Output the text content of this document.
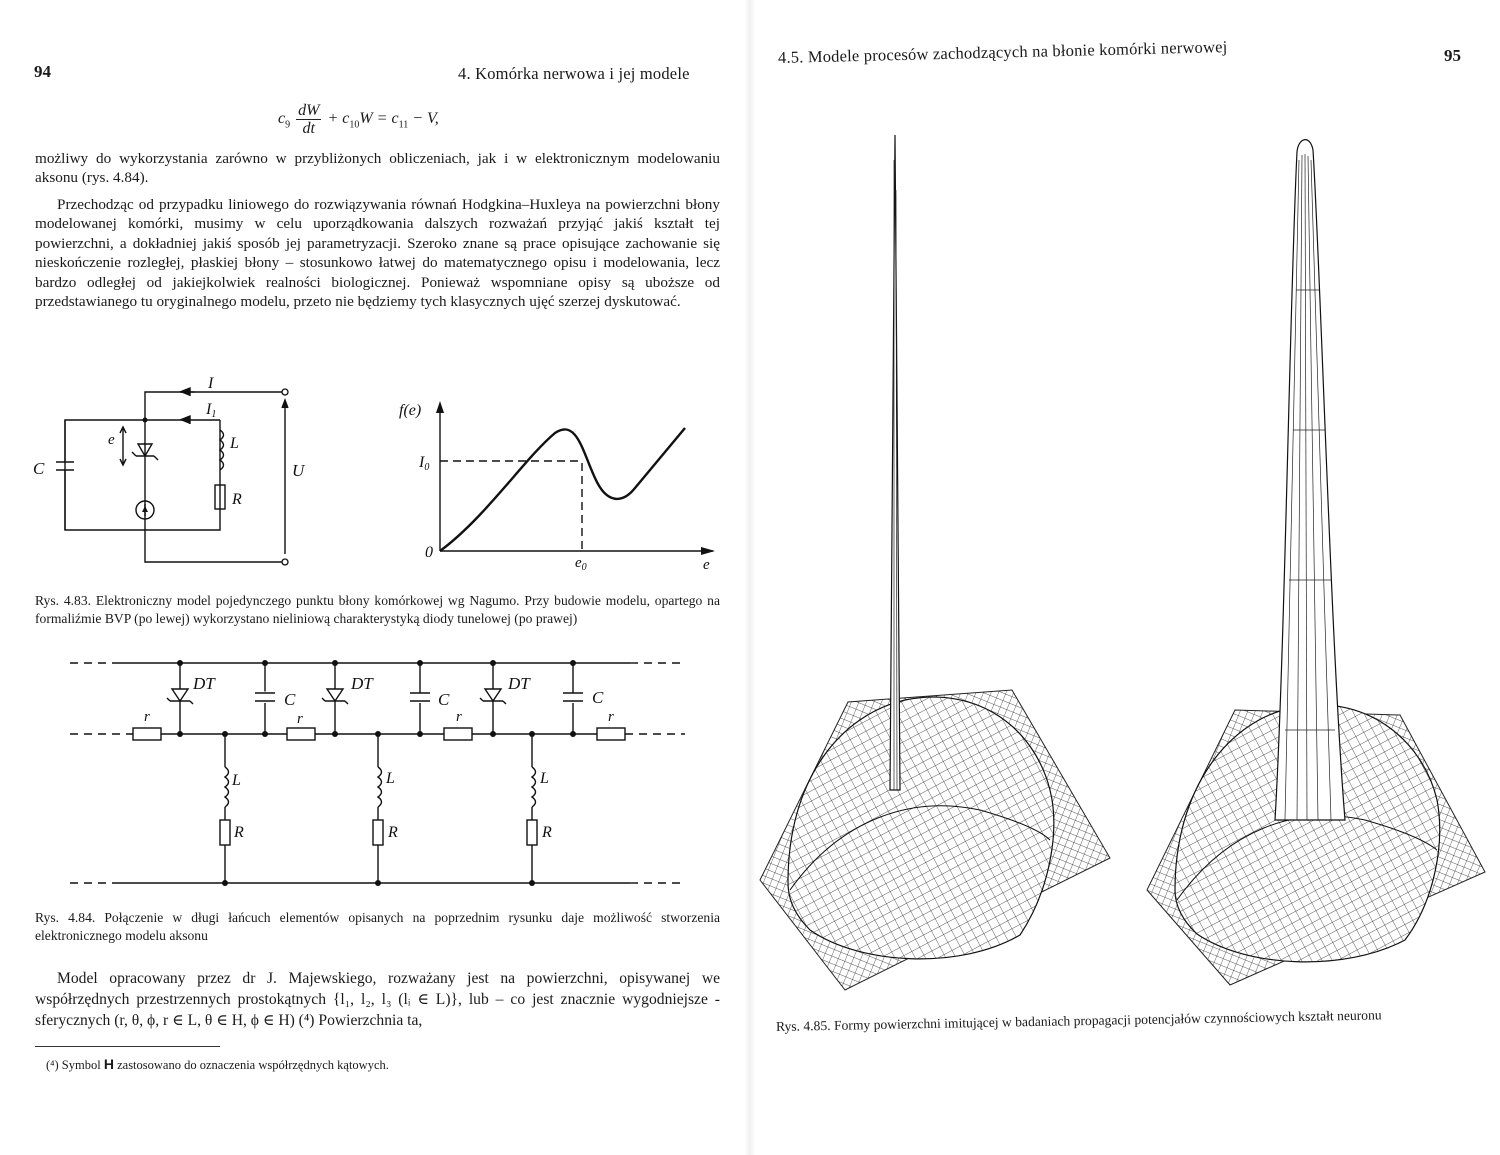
94	4. Komórka nerwowa i jej modele
$c_9 \frac{dW}{dt} + c_{10}W = c_{11} - V$,

możliwy do wykorzystania zarówno w przybliżonych obliczeniach, jak i w elektronicznym modelowaniu aksonu (rys. 4.84).

Przechodząc od przypadku liniowego do rozwiązywania równań Hodgkina–Huxleya na powierzchni błony modelowanej komórki, musimy w celu uporządkowania dalszych rozważań przyjąć jakiś kształt tej powierzchni, a dokładniej jakiś sposób jej parametryzacji. Szeroko znane są prace opisujące zachowanie się nieskończenie rozległej, płaskiej błony – stosunkowo łatwej do matematycznego opisu i modelowania, lecz bardzo odległej od jakiejkolwiek realności biologicznej. Ponieważ wspomniane opisy są uboższe od przedstawianego tu oryginalnego modelu, przeto nie będziemy tych klasycznych ujęć szerzej dyskutować.

I
I1
C
e	L
R
U
f(e)
I0
0
$e_0$	e

Rys. 4.83. Elektroniczny model pojedynczego punktu błony komórkowej wg Nagumo. Przy budowie modelu, opartego na formaliźmie BVP (po lewej) wykorzystano nieliniową charakterystyką diody tunelowej (po prawej)

DT	DT	DT
C	C	C
r	r	r	r
L	L	L
R	R	R

Rys. 4.84. Połączenie w długi łańcuch elementów opisanych na poprzednim rysunku daje możliwość stworzenia elektronicznego modelu aksonu

Model opracowany przez dr J. Majewskiego, rozważany jest na powierzchni, opisywanej we współrzędnych przestrzennych prostokątnych {l₁, l₂, l₃ (lᵢ ∈ L)}, lub – co jest znacznie wygodniejsze - sferycznych (r, θ, ϕ, r ∈ L, θ ∈ H, ϕ ∈ H) (⁴) Powierzchnia ta,

(⁴) Symbol H zastosowano do oznaczenia współrzędnych kątowych.
4.5. Modele procesów zachodzących na błonie komórki nerwowej	95

Rys. 4.85. Formy powierzchni imitującej w badaniach propagacji potencjałów czynnościowych kształt neuronu
